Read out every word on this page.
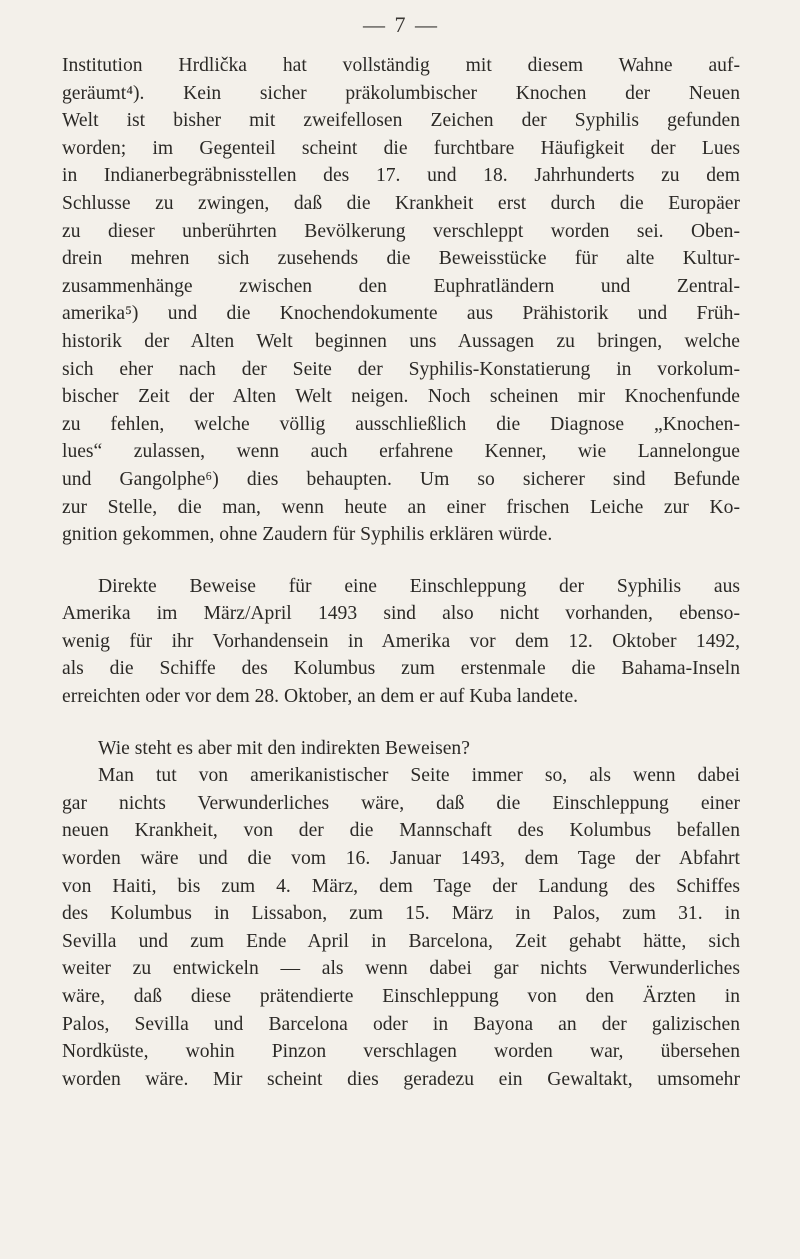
— 7 —

Institution Hrdlička hat vollständig mit diesem Wahne auf-
geräumt⁴). Kein sicher präkolumbischer Knochen der Neuen
Welt ist bisher mit zweifellosen Zeichen der Syphilis gefunden
worden; im Gegenteil scheint die furchtbare Häufigkeit der Lues
in Indianerbegräbnisstellen des 17. und 18. Jahrhunderts zu dem
Schlusse zu zwingen, daß die Krankheit erst durch die Europäer
zu dieser unberührten Bevölkerung verschleppt worden sei. Oben-
drein mehren sich zusehends die Beweisstücke für alte Kultur-
zusammenhänge zwischen den Euphratländern und Zentral-
amerika⁵) und die Knochendokumente aus Prähistorik und Früh-
historik der Alten Welt beginnen uns Aussagen zu bringen, welche
sich eher nach der Seite der Syphilis-Konstatierung in vorkolum-
bischer Zeit der Alten Welt neigen. Noch scheinen mir Knochenfunde
zu fehlen, welche völlig ausschließlich die Diagnose „Knochen-
lues“ zulassen, wenn auch erfahrene Kenner, wie Lannelongue
und Gangolphe⁶) dies behaupten. Um so sicherer sind Befunde
zur Stelle, die man, wenn heute an einer frischen Leiche zur Ko-
gnition gekommen, ohne Zaudern für Syphilis erklären würde.

Direkte Beweise für eine Einschleppung der Syphilis aus
Amerika im März/April 1493 sind also nicht vorhanden, ebenso-
wenig für ihr Vorhandensein in Amerika vor dem 12. Oktober 1492,
als die Schiffe des Kolumbus zum erstenmale die Bahama-Inseln
erreichten oder vor dem 28. Oktober, an dem er auf Kuba landete.

Wie steht es aber mit den indirekten Beweisen?
Man tut von amerikanistischer Seite immer so, als wenn dabei
gar nichts Verwunderliches wäre, daß die Einschleppung einer
neuen Krankheit, von der die Mannschaft des Kolumbus befallen
worden wäre und die vom 16. Januar 1493, dem Tage der Abfahrt
von Haiti, bis zum 4. März, dem Tage der Landung des Schiffes
des Kolumbus in Lissabon, zum 15. März in Palos, zum 31. in
Sevilla und zum Ende April in Barcelona, Zeit gehabt hätte, sich
weiter zu entwickeln — als wenn dabei gar nichts Verwunderliches
wäre, daß diese prätendierte Einschleppung von den Ärzten in
Palos, Sevilla und Barcelona oder in Bayona an der galizischen
Nordküste, wohin Pinzon verschlagen worden war, übersehen
worden wäre. Mir scheint dies geradezu ein Gewaltakt, umsomehr
